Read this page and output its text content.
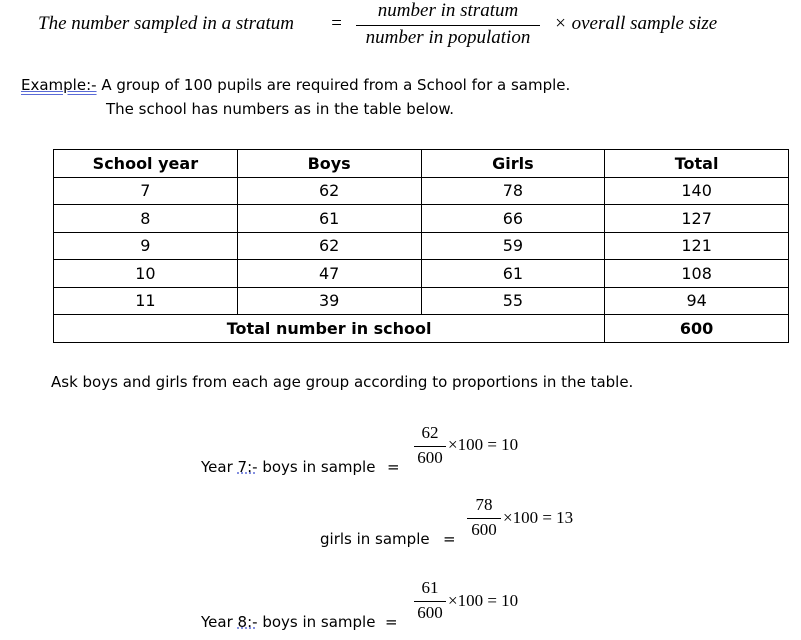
The number sampled in a stratum =
number in stratum
number in population
× overall sample size
Example:- A group of 100 pupils are required from a School for a sample.
The school has numbers as in the table below.
School year	Boys	Girls	Total
7	62	78	140
8	61	66	127
9	62	59	121
10	47	61	108
11	39	55	94
Total number in school			600
Ask boys and girls from each age group according to proportions in the table.
Year 7:- boys in sample =
62
600
×100 = 10
girls in sample =
78
600
×100 = 13
Year 8:- boys in sample =
61
600
×100 = 10
